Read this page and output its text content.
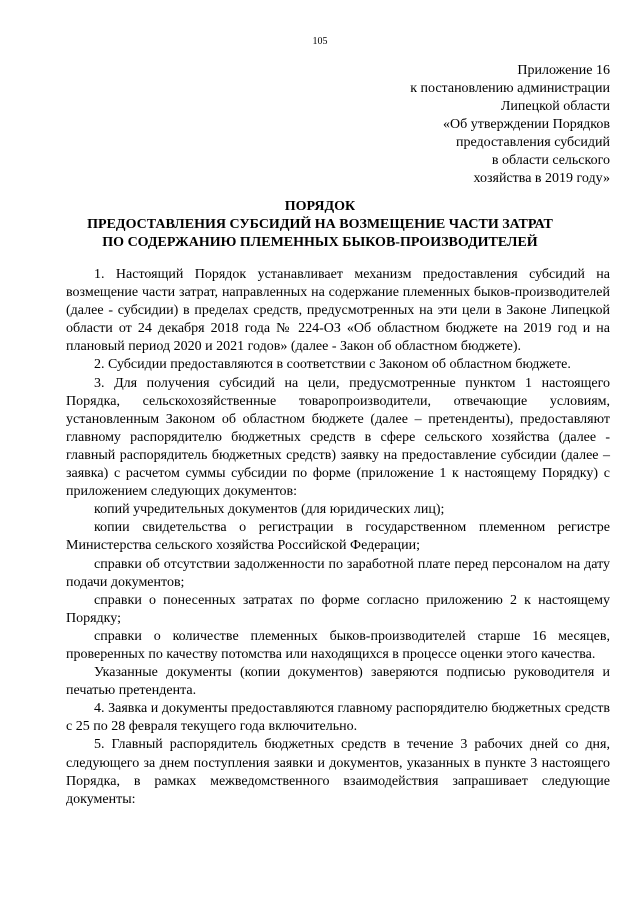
105
Приложение 16
к постановлению администрации
Липецкой области
«Об утверждении Порядков
предоставления субсидий
в области сельского
хозяйства в 2019 году»
ПОРЯДОК
ПРЕДОСТАВЛЕНИЯ СУБСИДИЙ НА ВОЗМЕЩЕНИЕ ЧАСТИ ЗАТРАТ
ПО СОДЕРЖАНИЮ ПЛЕМЕННЫХ БЫКОВ-ПРОИЗВОДИТЕЛЕЙ

1. Настоящий Порядок устанавливает механизм предоставления субсидий на возмещение части затрат, направленных на содержание племенных быков-производителей (далее - субсидии) в пределах средств, предусмотренных на эти цели в Законе Липецкой области от 24 декабря 2018 года № 224-ОЗ «Об областном бюджете на 2019 год и на плановый период 2020 и 2021 годов» (далее - Закон об областном бюджете).

2. Субсидии предоставляются в соответствии с Законом об областном бюджете.

3. Для получения субсидий на цели, предусмотренные пунктом 1 настоящего Порядка, сельскохозяйственные товаропроизводители, отвечающие условиям, установленным Законом об областном бюджете (далее – претенденты), предоставляют главному распорядителю бюджетных средств в сфере сельского хозяйства (далее - главный распорядитель бюджетных средств) заявку на предоставление субсидии (далее – заявка) с расчетом суммы субсидии по форме (приложение 1 к настоящему Порядку) с приложением следующих документов:

копий учредительных документов (для юридических лиц);

копии свидетельства о регистрации в государственном племенном регистре Министерства сельского хозяйства Российской Федерации;

справки об отсутствии задолженности по заработной плате перед персоналом на дату подачи документов;

справки о понесенных затратах по форме согласно приложению 2 к настоящему Порядку;

справки о количестве племенных быков-производителей старше 16 месяцев, проверенных по качеству потомства или находящихся в процессе оценки этого качества.

Указанные документы (копии документов) заверяются подписью руководителя и печатью претендента.

4. Заявка и документы предоставляются главному распорядителю бюджетных средств с 25 по 28 февраля текущего года включительно.

5. Главный распорядитель бюджетных средств в течение 3 рабочих дней со дня, следующего за днем поступления заявки и документов, указанных в пункте 3 настоящего Порядка, в рамках межведомственного взаимодействия запрашивает следующие документы:
